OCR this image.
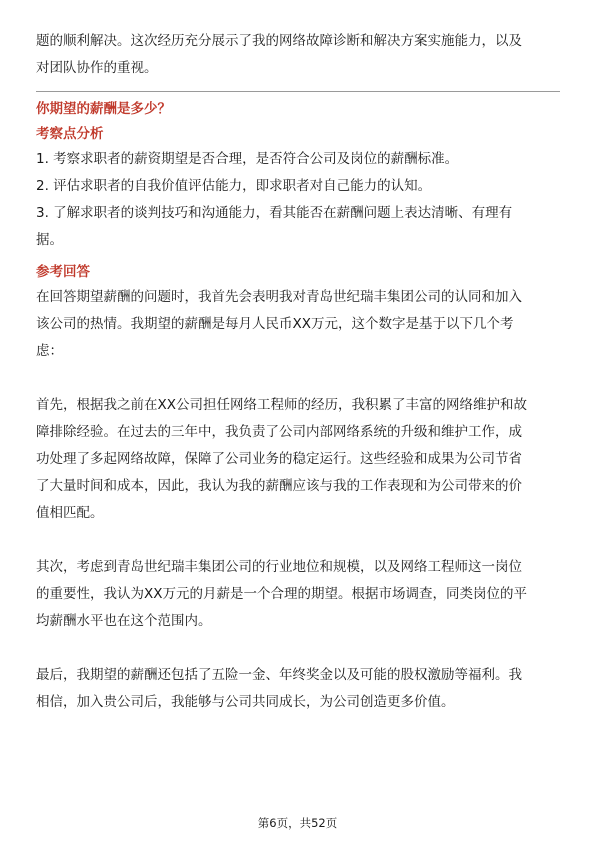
题的顺利解决。这次经历充分展示了我的网络故障诊断和解决方案实施能力，以及

对团队协作的重视。

你期望的薪酬是多少？

考察点分析

1. 考察求职者的薪资期望是否合理，是否符合公司及岗位的薪酬标准。

2. 评估求职者的自我价值评估能力，即求职者对自己能力的认知。

3. 了解求职者的谈判技巧和沟通能力，看其能否在薪酬问题上表达清晰、有理有

据。

参考回答

在回答期望薪酬的问题时，我首先会表明我对青岛世纪瑞丰集团公司的认同和加入

该公司的热情。我期望的薪酬是每月人民币XX万元，这个数字是基于以下几个考

虑：

首先，根据我之前在XX公司担任网络工程师的经历，我积累了丰富的网络维护和故

障排除经验。在过去的三年中，我负责了公司内部网络系统的升级和维护工作，成

功处理了多起网络故障，保障了公司业务的稳定运行。这些经验和成果为公司节省

了大量时间和成本，因此，我认为我的薪酬应该与我的工作表现和为公司带来的价

值相匹配。

其次，考虑到青岛世纪瑞丰集团公司的行业地位和规模，以及网络工程师这一岗位

的重要性，我认为XX万元的月薪是一个合理的期望。根据市场调查，同类岗位的平

均薪酬水平也在这个范围内。

最后，我期望的薪酬还包括了五险一金、年终奖金以及可能的股权激励等福利。我

相信，加入贵公司后，我能够与公司共同成长，为公司创造更多价值。

第6页，共52页
